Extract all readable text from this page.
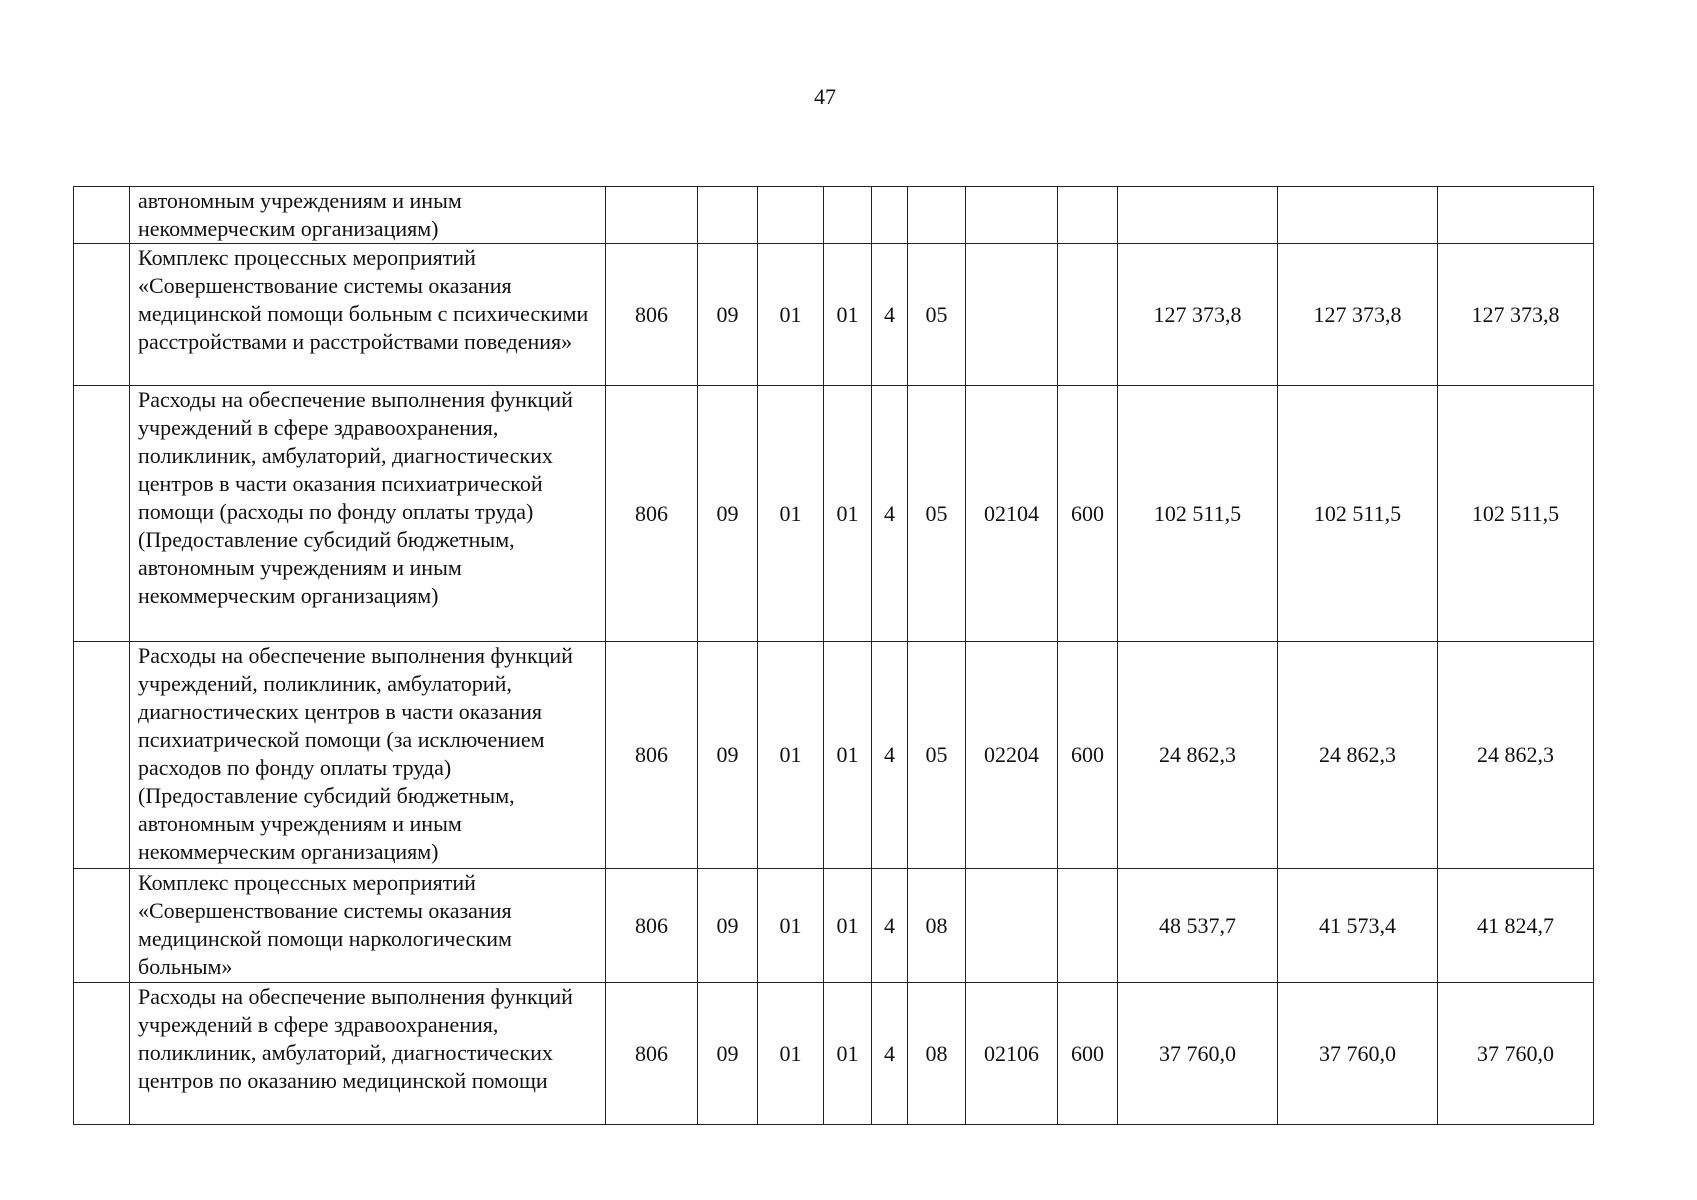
47
	автономным учреждениям и иным некоммерческим организациям)											
	Комплекс процессных мероприятий «Совершенствование системы оказания медицинской помощи больным с психическими расстройствами и расстройствами поведения»	806	09	01	01	4	05			127 373,8	127 373,8	127 373,8
	Расходы на обеспечение выполнения функций учреждений в сфере здравоохранения, поликлиник, амбулаторий, диагностических центров в части оказания психиатрической помощи (расходы по фонду оплаты труда) (Предоставление субсидий бюджетным, автономным учреждениям и иным некоммерческим организациям)	806	09	01	01	4	05	02104	600	102 511,5	102 511,5	102 511,5
	Расходы на обеспечение выполнения функций учреждений, поликлиник, амбулаторий, диагностических центров в части оказания психиатрической помощи (за исключением расходов по фонду оплаты труда) (Предоставление субсидий бюджетным, автономным учреждениям и иным некоммерческим организациям)	806	09	01	01	4	05	02204	600	24 862,3	24 862,3	24 862,3
	Комплекс процессных мероприятий «Совершенствование системы оказания медицинской помощи наркологическим больным»	806	09	01	01	4	08			48 537,7	41 573,4	41 824,7
	Расходы на обеспечение выполнения функций учреждений в сфере здравоохранения, поликлиник, амбулаторий, диагностических центров по оказанию медицинской помощи	806	09	01	01	4	08	02106	600	37 760,0	37 760,0	37 760,0
